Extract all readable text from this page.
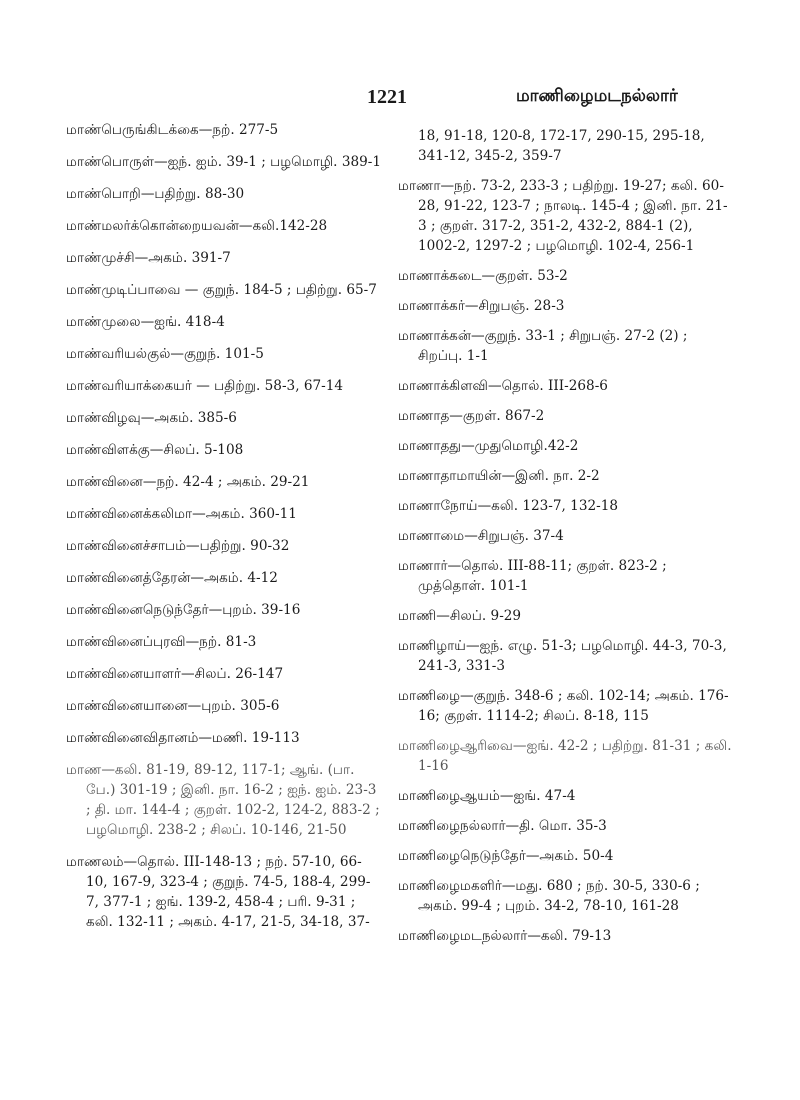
1221	மாணிழைமடநல்லார்
மாண்பெருங்கிடக்கை—நற். 277-5
மாண்பொருள்—ஐந். ஐம். 39-1 ; பழமொழி. 389-1
மாண்பொறி—பதிற்று. 88-30
மாண்மலர்க்கொன்றையவன்—கலி.142-28
மாண்முச்சி—அகம். 391-7
மாண்முடிப்பாவை — குறுந். 184-5 ; பதிற்று. 65-7
மாண்முலை—ஐங். 418-4
மாண்வரியல்குல்—குறுந். 101-5
மாண்வரியாக்கையர் — பதிற்று. 58-3, 67-14
மாண்விழவு—அகம். 385-6
மாண்விளக்கு—சிலப். 5-108
மாண்வினை—நற். 42-4 ; அகம். 29-21
மாண்வினைக்கலிமா—அகம். 360-11
மாண்வினைச்சாபம்—பதிற்று. 90-32
மாண்வினைத்தேரன்—அகம். 4-12
மாண்வினைநெடுந்தேர்—புறம். 39-16
மாண்வினைப்புரவி—நற். 81-3
மாண்வினையாளர்—சிலப். 26-147
மாண்வினையானை—புறம். 305-6
மாண்வினைவிதானம்—மணி. 19-113
மாண—கலி. 81-19, 89-12, 117-1; ஆங். (பா. பே.) 301-19 ; இனி. நா. 16-2 ; ஐந். ஐம். 23-3 ; தி. மா. 144-4 ; குறள். 102-2, 124-2, 883-2 ; பழமொழி. 238-2 ; சிலப். 10-146, 21-50
மாணலம்—தொல். III-148-13 ; நற். 57-10, 66-10, 167-9, 323-4 ; குறுந். 74-5, 188-4, 299-7, 377-1 ; ஐங். 139-2, 458-4 ; பரி. 9-31 ; கலி. 132-11 ; அகம். 4-17, 21-5, 34-18, 37-
18, 91-18, 120-8, 172-17, 290-15, 295-18, 341-12, 345-2, 359-7
மாணா—நற். 73-2, 233-3 ; பதிற்று. 19-27; கலி. 60-28, 91-22, 123-7 ; நாலடி. 145-4 ; இனி. நா. 21-3 ; குறள். 317-2, 351-2, 432-2, 884-1 (2), 1002-2, 1297-2 ; பழமொழி. 102-4, 256-1
மாணாக்கடை—குறள். 53-2
மாணாக்கர்—சிறுபஞ். 28-3
மாணாக்கன்—குறுந். 33-1 ; சிறுபஞ். 27-2 (2) ; சிறப்பு. 1-1
மாணாக்கிளவி—தொல். III-268-6
மாணாத—குறள். 867-2
மாணாதது—முதுமொழி.42-2
மாணாதாமாயின்—இனி. நா. 2-2
மாணாநோய்—கலி. 123-7, 132-18
மாணாமை—சிறுபஞ். 37-4
மாணார்—தொல். III-88-11; குறள். 823-2 ; முத்தொள். 101-1
மாணி—சிலப். 9-29
மாணிழாய்—ஐந். எழு. 51-3; பழமொழி. 44-3, 70-3, 241-3, 331-3
மாணிழை—குறுந். 348-6 ; கலி. 102-14; அகம். 176-16; குறள். 1114-2; சிலப். 8-18, 115
மாணிழைஆரிவை—ஐங். 42-2 ; பதிற்று. 81-31 ; கலி. 1-16
மாணிழைஆயம்—ஐங். 47-4
மாணிழைநல்லார்—தி. மொ. 35-3
மாணிழைநெடுந்தேர்—அகம். 50-4
மாணிழைமகளிர்—மது. 680 ; நற். 30-5, 330-6 ; அகம். 99-4 ; புறம். 34-2, 78-10, 161-28
மாணிழைமடநல்லார்—கலி. 79-13
